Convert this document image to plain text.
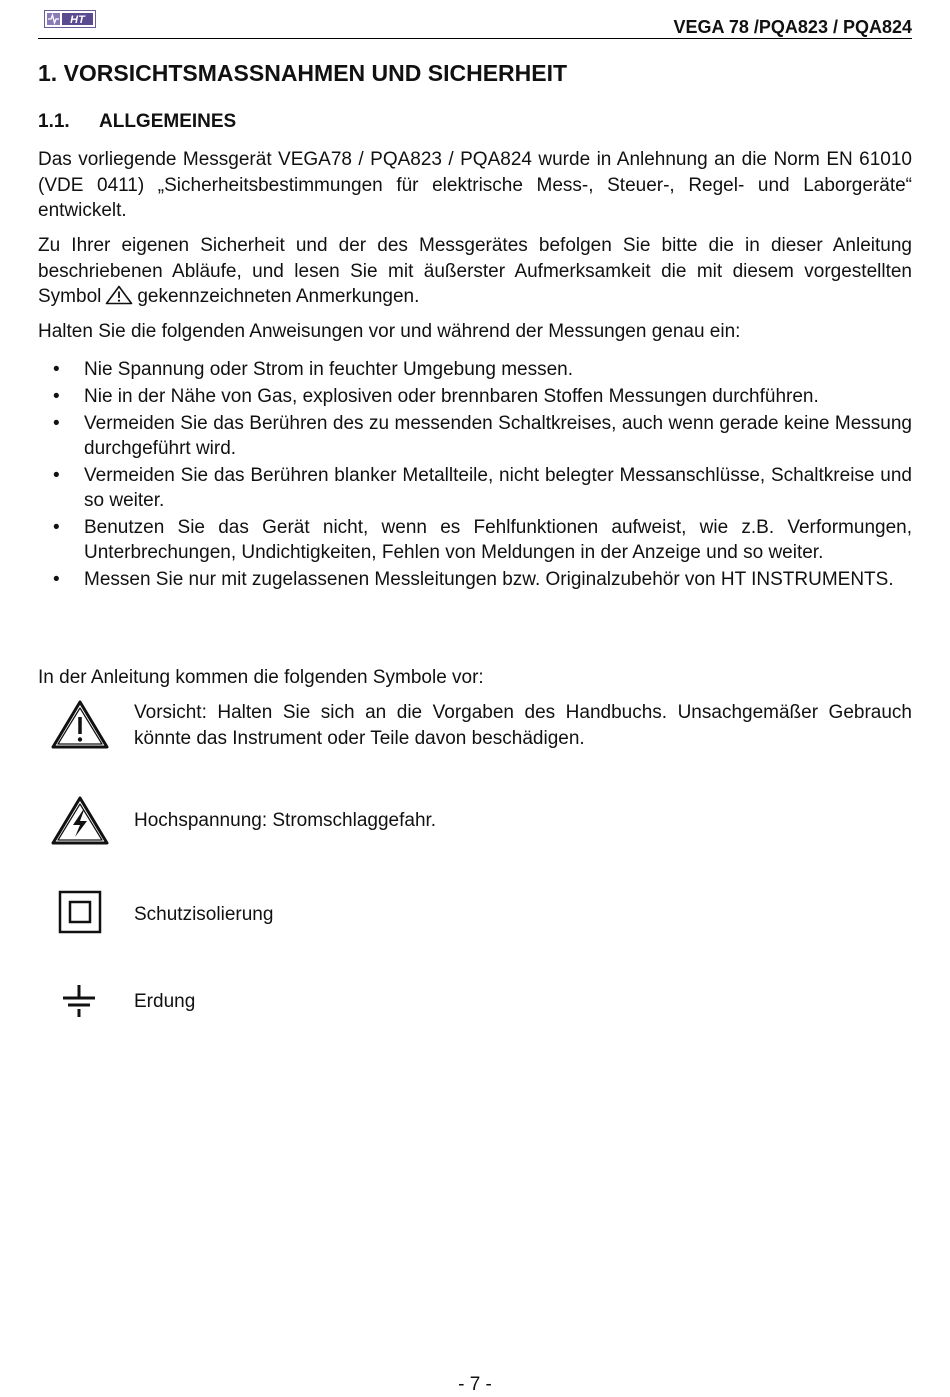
HT	VEGA 78 /PQA823 / PQA824
1. VORSICHTSMASSNAHMEN UND SICHERHEIT
1.1. ALLGEMEINES

Das vorliegende Messgerät VEGA78 / PQA823 / PQA824 wurde in Anlehnung an die Norm EN 61010 (VDE 0411) „Sicherheitsbestimmungen für elektrische Mess-, Steuer-, Regel- und Laborgeräte“ entwickelt.

Zu Ihrer eigenen Sicherheit und der des Messgerätes befolgen Sie bitte die in dieser Anleitung beschriebenen Abläufe, und lesen Sie mit äußerster Aufmerksamkeit die mit diesem vorgestellten Symbol gekennzeichneten Anmerkungen.

Halten Sie die folgenden Anweisungen vor und während der Messungen genau ein:

• Nie Spannung oder Strom in feuchter Umgebung messen.
• Nie in der Nähe von Gas, explosiven oder brennbaren Stoffen Messungen durchführen.
• Vermeiden Sie das Berühren des zu messenden Schaltkreises, auch wenn gerade keine Messung durchgeführt wird.
• Vermeiden Sie das Berühren blanker Metallteile, nicht belegter Messanschlüsse, Schaltkreise und so weiter.
• Benutzen Sie das Gerät nicht, wenn es Fehlfunktionen aufweist, wie z.B. Verformungen, Unterbrechungen, Undichtigkeiten, Fehlen von Meldungen in der Anzeige und so weiter.
• Messen Sie nur mit zugelassenen Messleitungen bzw. Originalzubehör von HT INSTRUMENTS.

In der Anleitung kommen die folgenden Symbole vor:

Vorsicht: Halten Sie sich an die Vorgaben des Handbuchs. Unsachgemäßer Gebrauch könnte das Instrument oder Teile davon beschädigen.
Hochspannung: Stromschlaggefahr.
Schutzisolierung
Erdung
- 7 -
